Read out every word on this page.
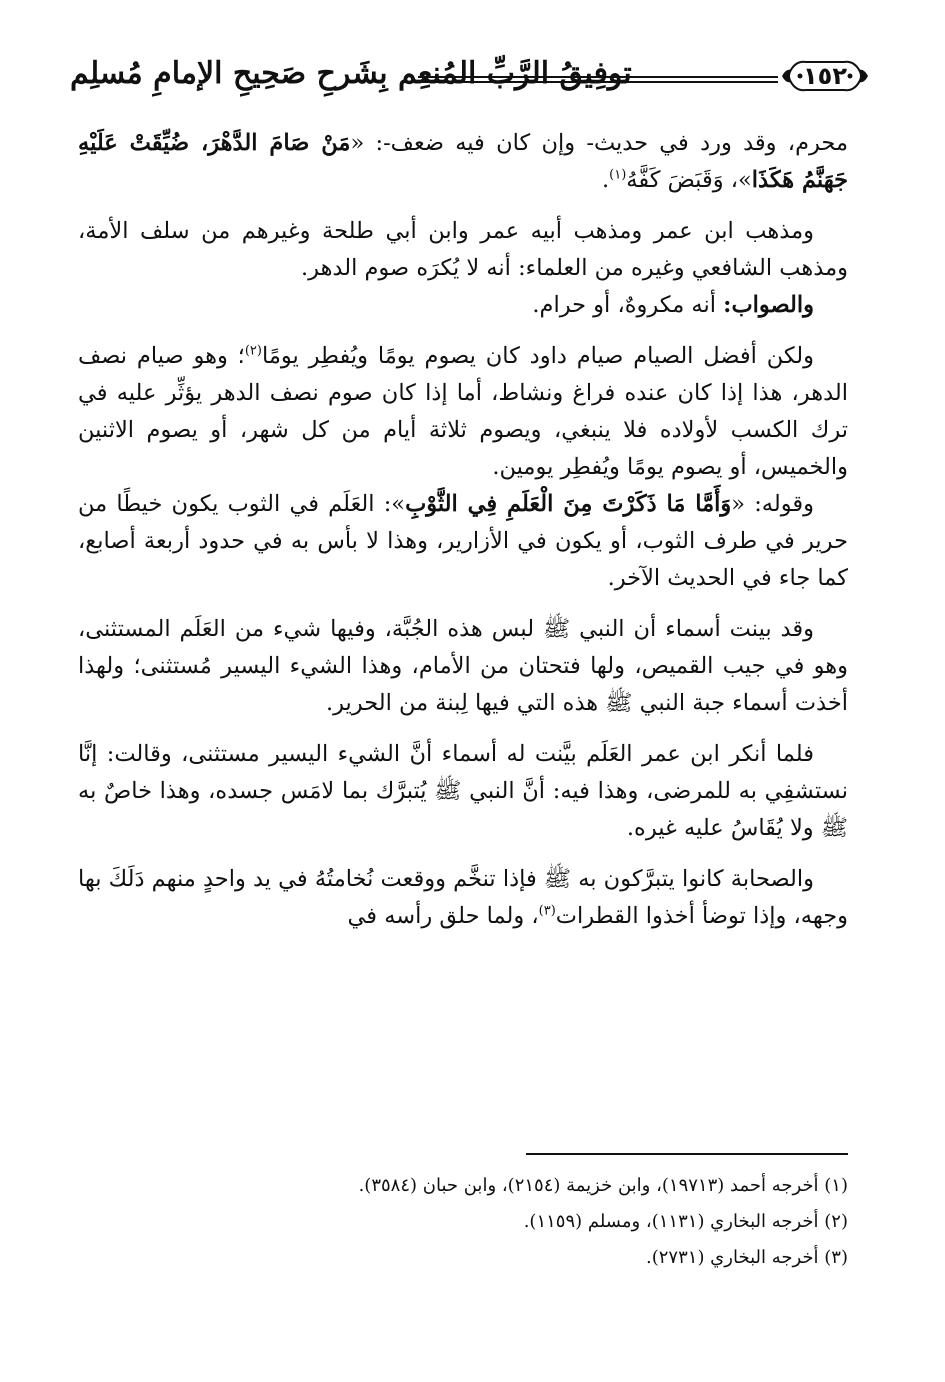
١٥٢
توفِيقُ الرَّبِّ المُنعِم بِشَرحِ صَحِيحِ الإمامِ مُسلِم

محرم، وقد ورد في حديث- وإن كان فيه ضعف-: «مَنْ صَامَ الدَّهْرَ، ضُيِّقَتْ عَلَيْهِ جَهَنَّمُ هَكَذَا»، وَقَبَضَ كَفَّهُ$^{(١)}$.

ومذهب ابن عمر ومذهب أبيه عمر وابن أبي طلحة وغيرهم من سلف الأمة، ومذهب الشافعي وغيره من العلماء: أنه لا يُكرَه صوم الدهر.

والصواب: أنه مكروهٌ، أو حرام.

ولكن أفضل الصيام صيام داود كان يصوم يومًا ويُفطِر يومًا$^{(٢)}$؛ وهو صيام نصف الدهر، هذا إذا كان عنده فراغ ونشاط، أما إذا كان صوم نصف الدهر يؤثِّر عليه في ترك الكسب لأولاده فلا ينبغي، ويصوم ثلاثة أيام من كل شهر، أو يصوم الاثنين والخميس، أو يصوم يومًا ويُفطِر يومين.

وقوله: «وَأَمَّا مَا ذَكَرْتَ مِنَ الْعَلَمِ فِي الثَّوْبِ»: العَلَم في الثوب يكون خيطًا من حرير في طرف الثوب، أو يكون في الأزارير، وهذا لا بأس به في حدود أربعة أصابع، كما جاء في الحديث الآخر.

وقد بينت أسماء أن النبي ﷺ لبس هذه الجُبَّة، وفيها شيء من العَلَم المستثنى، وهو في جيب القميص، ولها فتحتان من الأمام، وهذا الشيء اليسير مُستثنى؛ ولهذا أخذت أسماء جبة النبي ﷺ هذه التي فيها لِبنة من الحرير.

فلما أنكر ابن عمر العَلَم بيَّنت له أسماء أنَّ الشيء اليسير مستثنى، وقالت: إنَّا نستشفِي به للمرضى، وهذا فيه: أنَّ النبي ﷺ يُتبرَّك بما لامَس جسده، وهذا خاصٌ به ﷺ ولا يُقَاسُ عليه غيره.

والصحابة كانوا يتبرَّكون به ﷺ فإذا تنخَّم ووقعت نُخامتُهُ في يد واحدٍ منهم دَلَكَ بها وجهه، وإذا توضأ أخذوا القطرات$^{(٣)}$، ولما حلق رأسه في

(١) أخرجه أحمد (١٩٧١٣)، وابن خزيمة (٢١٥٤)، وابن حبان (٣٥٨٤).
(٢) أخرجه البخاري (١١٣١)، ومسلم (١١٥٩).
(٣) أخرجه البخاري (٢٧٣١).
